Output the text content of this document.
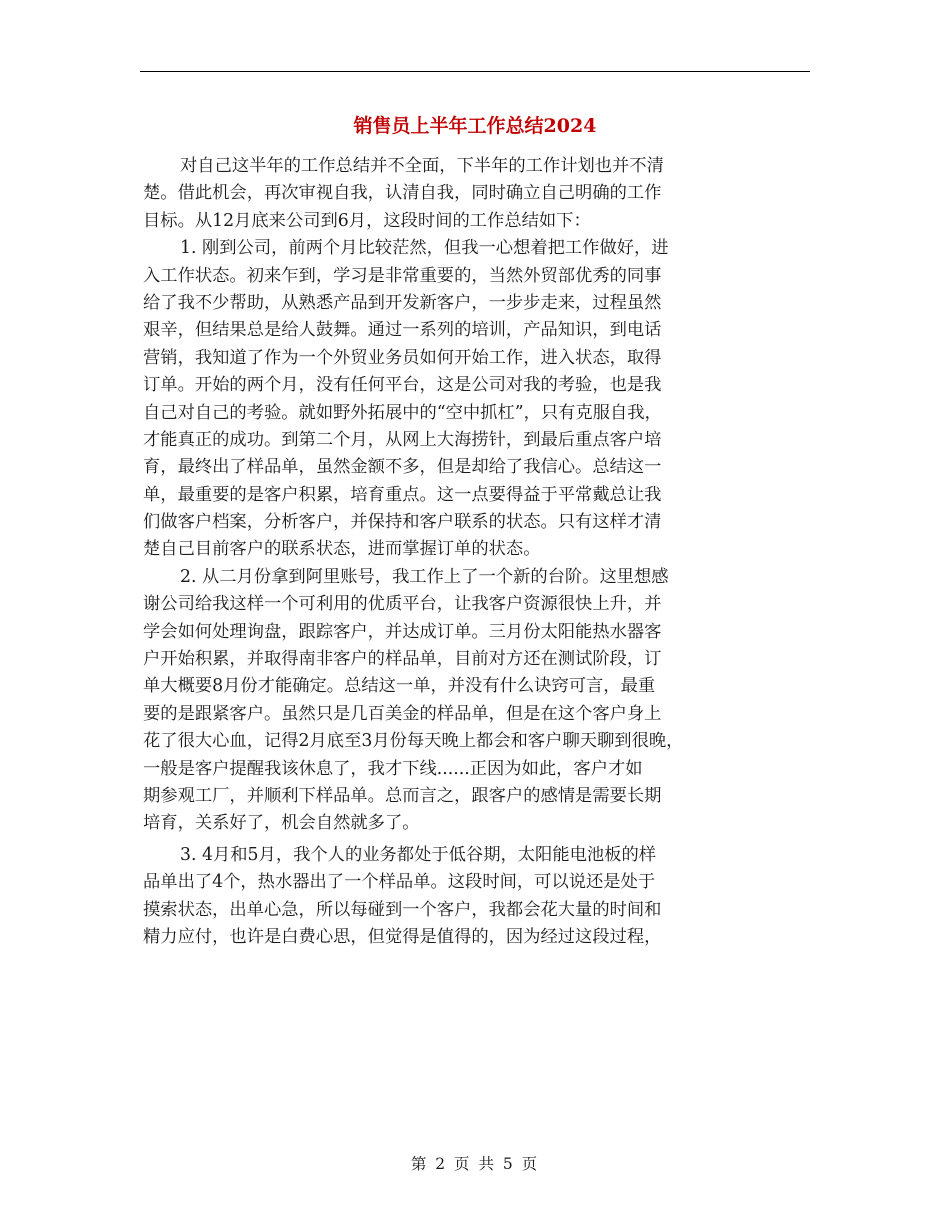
销售员上半年工作总结2024
对自己这半年的工作总结并不全面，下半年的工作计划也并不清
楚。借此机会，再次审视自我，认清自我，同时确立自己明确的工作
目标。从12月底来公司到6月，这段时间的工作总结如下：
1. 刚到公司，前两个月比较茫然，但我一心想着把工作做好，进
入工作状态。初来乍到，学习是非常重要的，当然外贸部优秀的同事
给了我不少帮助，从熟悉产品到开发新客户，一步步走来，过程虽然
艰辛，但结果总是给人鼓舞。通过一系列的培训，产品知识，到电话
营销，我知道了作为一个外贸业务员如何开始工作，进入状态，取得
订单。开始的两个月，没有任何平台，这是公司对我的考验，也是我
自己对自己的考验。就如野外拓展中的“空中抓杠”，只有克服自我，
才能真正的成功。到第二个月，从网上大海捞针，到最后重点客户培
育，最终出了样品单，虽然金额不多，但是却给了我信心。总结这一
单，最重要的是客户积累，培育重点。这一点要得益于平常戴总让我
们做客户档案，分析客户，并保持和客户联系的状态。只有这样才清
楚自己目前客户的联系状态，进而掌握订单的状态。
2. 从二月份拿到阿里账号，我工作上了一个新的台阶。这里想感
谢公司给我这样一个可利用的优质平台，让我客户资源很快上升，并
学会如何处理询盘，跟踪客户，并达成订单。三月份太阳能热水器客
户开始积累，并取得南非客户的样品单，目前对方还在测试阶段，订
单大概要8月份才能确定。总结这一单，并没有什么诀窍可言，最重
要的是跟紧客户。虽然只是几百美金的样品单，但是在这个客户身上
花了很大心血，记得2月底至3月份每天晚上都会和客户聊天聊到很晚，
一般是客户提醒我该休息了，我才下线......正因为如此，客户才如
期参观工厂，并顺利下样品单。总而言之，跟客户的感情是需要长期
培育，关系好了，机会自然就多了。
3. 4月和5月，我个人的业务都处于低谷期，太阳能电池板的样
品单出了4个，热水器出了一个样品单。这段时间，可以说还是处于
摸索状态，出单心急，所以每碰到一个客户，我都会花大量的时间和
精力应付，也许是白费心思，但觉得是值得的，因为经过这段过程，
第 2 页 共 5 页
